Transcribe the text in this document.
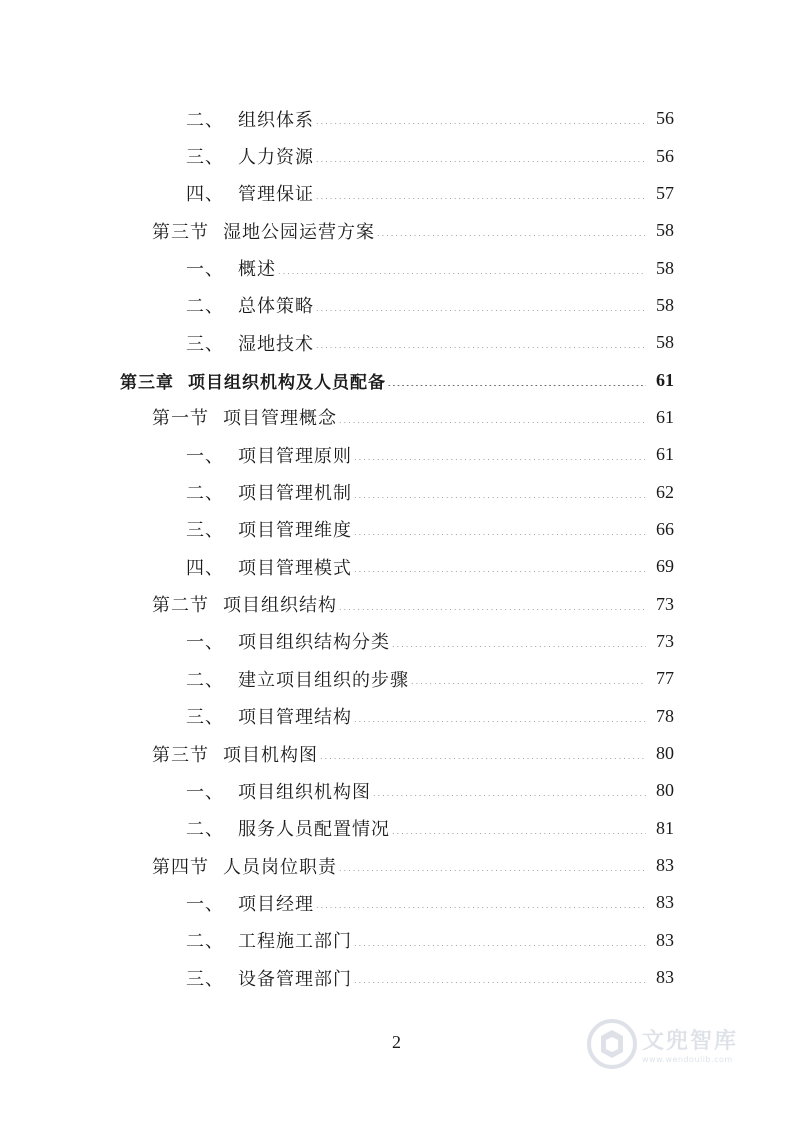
二、 组织体系	56
三、 人力资源	56
四、 管理保证	57
第三节 湿地公园运营方案	58
一、 概述	58
二、 总体策略	58
三、 湿地技术	58
第三章 项目组织机构及人员配备	61
第一节 项目管理概念	61
一、 项目管理原则	61
二、 项目管理机制	62
三、 项目管理维度	66
四、 项目管理模式	69
第二节 项目组织结构	73
一、 项目组织结构分类	73
二、 建立项目组织的步骤	77
三、 项目管理结构	78
第三节 项目机构图	80
一、 项目组织机构图	80
二、 服务人员配置情况	81
第四节 人员岗位职责	83
一、 项目经理	83
二、 工程施工部门	83
三、 设备管理部门	83
2	文兜智库
www.wendoulib.com
